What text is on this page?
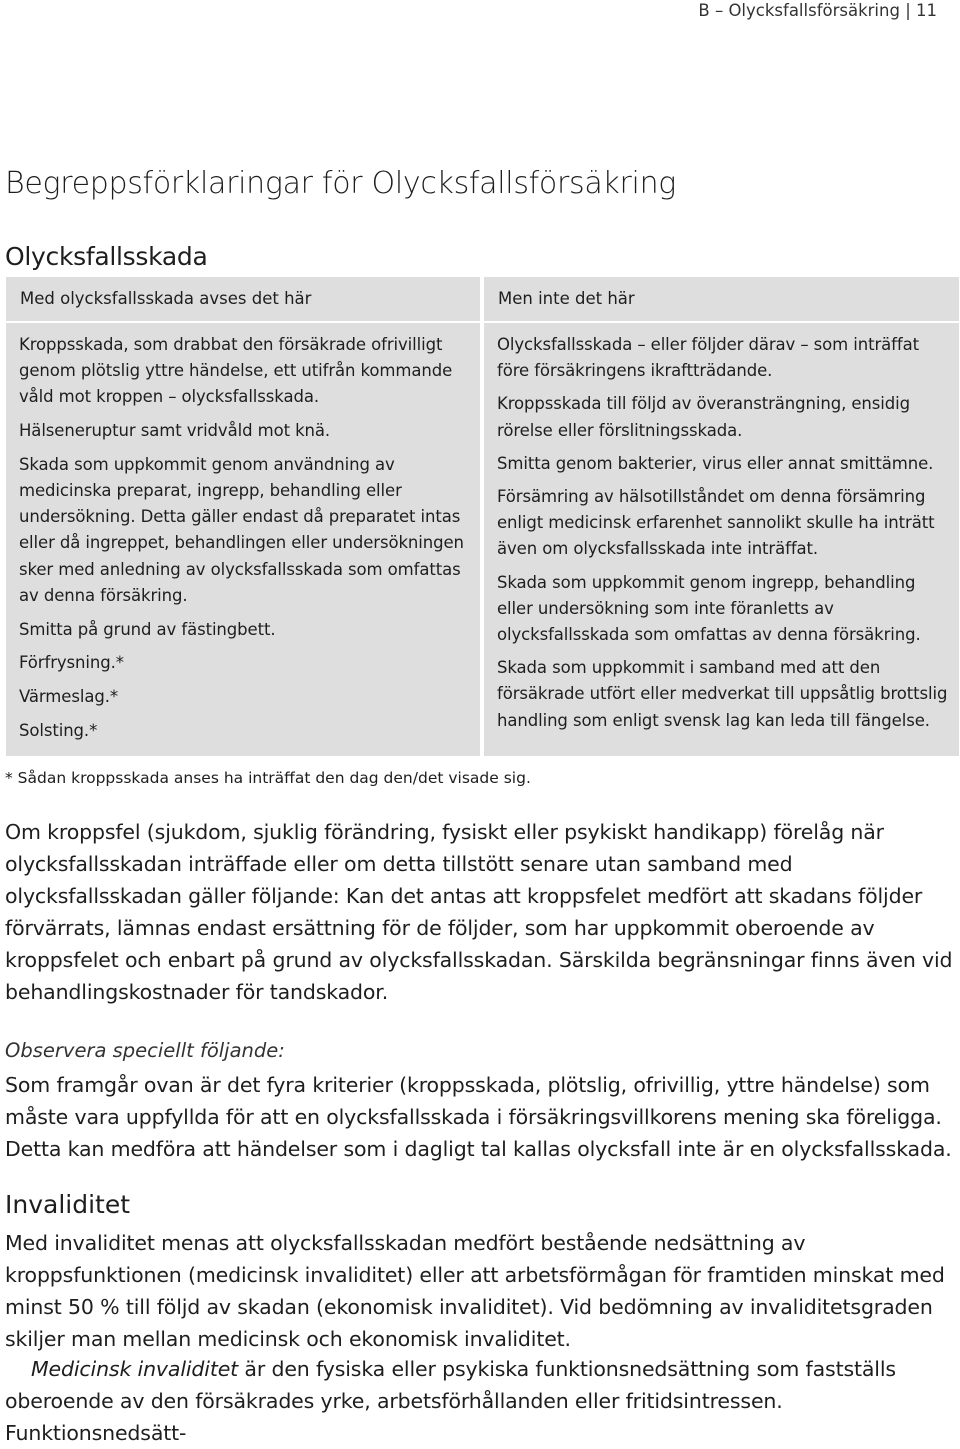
B – Olycksfallsförsäkring | 11
Begreppsförklaringar för Olycksfallsförsäkring
Olycksfallsskada
Med olycksfallsskada avses det här	Men inte det här

Kroppsskada, som drabbat den försäkrade ofrivilligt genom plötslig yttre händelse, ett utifrån kommande våld mot kroppen – olycksfallsskada.

Hälseneruptur samt vridvåld mot knä.

Skada som uppkommit genom användning av medicinska preparat, ingrepp, behandling eller undersökning. Detta gäller endast då preparatet intas eller då ingreppet, behandlingen eller undersökningen sker med anledning av olycksfallsskada som omfattas av denna försäkring.

Smitta på grund av fästingbett.

Förfrysning.*

Värmeslag.*

Solsting.*

Olycksfallsskada – eller följder därav – som inträffat före försäkringens ikraftträdande.

Kroppsskada till följd av överansträngning, ensidig rörelse eller förslitningsskada.

Smitta genom bakterier, virus eller annat smittämne.

Försämring av hälsotillståndet om denna försämring enligt medicinsk erfarenhet sannolikt skulle ha inträtt även om olycksfallsskada inte inträffat.

Skada som uppkommit genom ingrepp, behandling eller undersökning som inte föranletts av olycksfallsskada som omfattas av denna försäkring.

Skada som uppkommit i samband med att den försäkrade utfört eller medverkat till uppsåtlig brottslig handling som enligt svensk lag kan leda till fängelse.

* Sådan kroppsskada anses ha inträffat den dag den/det visade sig.

Om kroppsfel (sjukdom, sjuklig förändring, fysiskt eller psykiskt handikapp) förelåg när olycksfallsskadan inträffade eller om detta tillstött senare utan samband med olycksfallsskadan gäller följande: Kan det antas att kroppsfelet medfört att skadans följder förvärrats, lämnas endast ersättning för de följder, som har uppkommit oberoende av kroppsfelet och enbart på grund av olycksfallsskadan. Särskilda begränsningar finns även vid behandlingskostnader för tandskador.

Observera speciellt följande:

Som framgår ovan är det fyra kriterier (kroppsskada, plötslig, ofrivillig, yttre händelse) som måste vara uppfyllda för att en olycksfallsskada i försäkringsvillkorens mening ska föreligga. Detta kan medföra att händelser som i dagligt tal kallas olycksfall inte är en olycksfallsskada.

Invaliditet

Med invaliditet menas att olycksfallsskadan medfört bestående nedsättning av kroppsfunktionen (medicinsk invaliditet) eller att arbetsförmågan för framtiden minskat med minst 50 % till följd av skadan (ekonomisk invaliditet). Vid bedömning av invaliditetsgraden skiljer man mellan medicinsk och ekonomisk invaliditet.

Medicinsk invaliditet är den fysiska eller psykiska funktionsnedsättning som fastställs oberoende av den försäkrades yrke, arbetsförhållanden eller fritidsintressen. Funktionsnedsätt-
